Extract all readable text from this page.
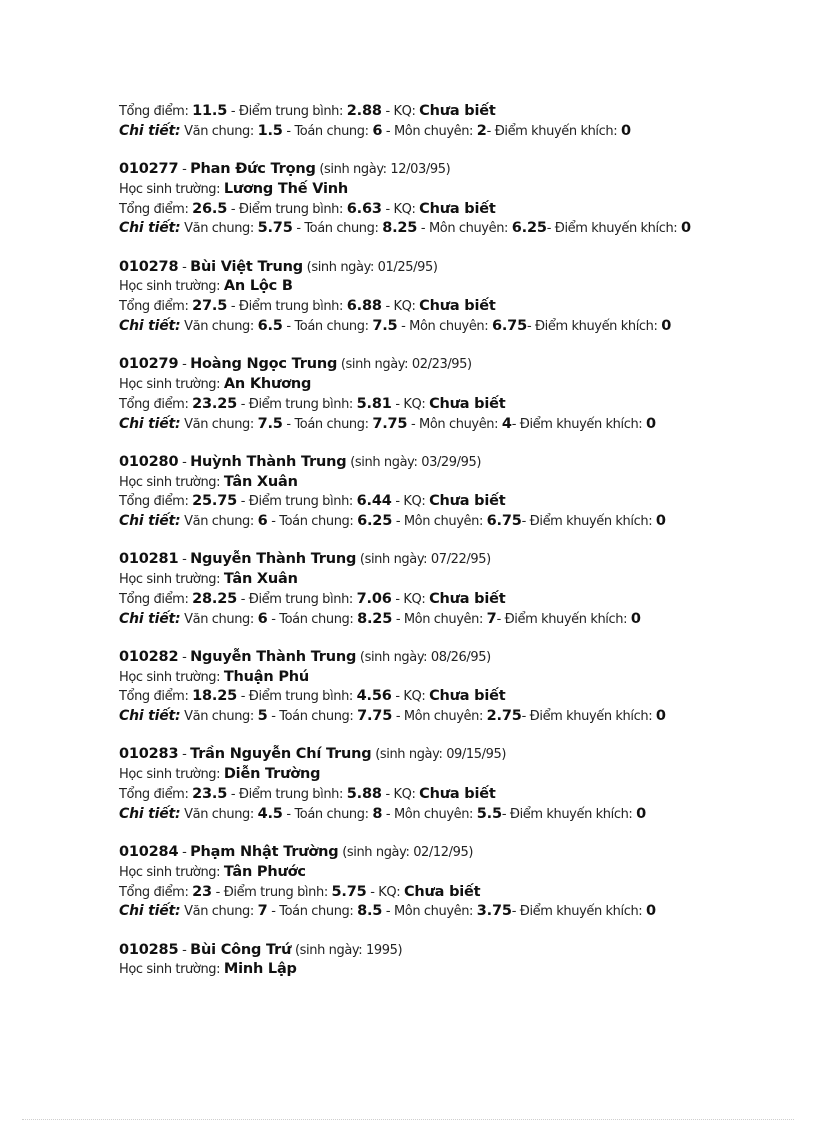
Tổng điểm: 11.5 - Điểm trung bình: 2.88 - KQ: Chưa biết
Chi tiết: Văn chung: 1.5 - Toán chung: 6 - Môn chuyên: 2- Điểm khuyến khích: 0
010277 - Phan Đức Trọng (sinh ngày: 12/03/95)
Học sinh trường: Lương Thế Vinh
Tổng điểm: 26.5 - Điểm trung bình: 6.63 - KQ: Chưa biết
Chi tiết: Văn chung: 5.75 - Toán chung: 8.25 - Môn chuyên: 6.25- Điểm khuyến khích: 0
010278 - Bùi Việt Trung (sinh ngày: 01/25/95)
Học sinh trường: An Lộc B
Tổng điểm: 27.5 - Điểm trung bình: 6.88 - KQ: Chưa biết
Chi tiết: Văn chung: 6.5 - Toán chung: 7.5 - Môn chuyên: 6.75- Điểm khuyến khích: 0
010279 - Hoàng Ngọc Trung (sinh ngày: 02/23/95)
Học sinh trường: An Khương
Tổng điểm: 23.25 - Điểm trung bình: 5.81 - KQ: Chưa biết
Chi tiết: Văn chung: 7.5 - Toán chung: 7.75 - Môn chuyên: 4- Điểm khuyến khích: 0
010280 - Huỳnh Thành Trung (sinh ngày: 03/29/95)
Học sinh trường: Tân Xuân
Tổng điểm: 25.75 - Điểm trung bình: 6.44 - KQ: Chưa biết
Chi tiết: Văn chung: 6 - Toán chung: 6.25 - Môn chuyên: 6.75- Điểm khuyến khích: 0
010281 - Nguyễn Thành Trung (sinh ngày: 07/22/95)
Học sinh trường: Tân Xuân
Tổng điểm: 28.25 - Điểm trung bình: 7.06 - KQ: Chưa biết
Chi tiết: Văn chung: 6 - Toán chung: 8.25 - Môn chuyên: 7- Điểm khuyến khích: 0
010282 - Nguyễn Thành Trung (sinh ngày: 08/26/95)
Học sinh trường: Thuận Phú
Tổng điểm: 18.25 - Điểm trung bình: 4.56 - KQ: Chưa biết
Chi tiết: Văn chung: 5 - Toán chung: 7.75 - Môn chuyên: 2.75- Điểm khuyến khích: 0
010283 - Trần Nguyễn Chí Trung (sinh ngày: 09/15/95)
Học sinh trường: Diễn Trường
Tổng điểm: 23.5 - Điểm trung bình: 5.88 - KQ: Chưa biết
Chi tiết: Văn chung: 4.5 - Toán chung: 8 - Môn chuyên: 5.5- Điểm khuyến khích: 0
010284 - Phạm Nhật Trường (sinh ngày: 02/12/95)
Học sinh trường: Tân Phước
Tổng điểm: 23 - Điểm trung bình: 5.75 - KQ: Chưa biết
Chi tiết: Văn chung: 7 - Toán chung: 8.5 - Môn chuyên: 3.75- Điểm khuyến khích: 0
010285 - Bùi Công Trứ (sinh ngày: 1995)
Học sinh trường: Minh Lập
